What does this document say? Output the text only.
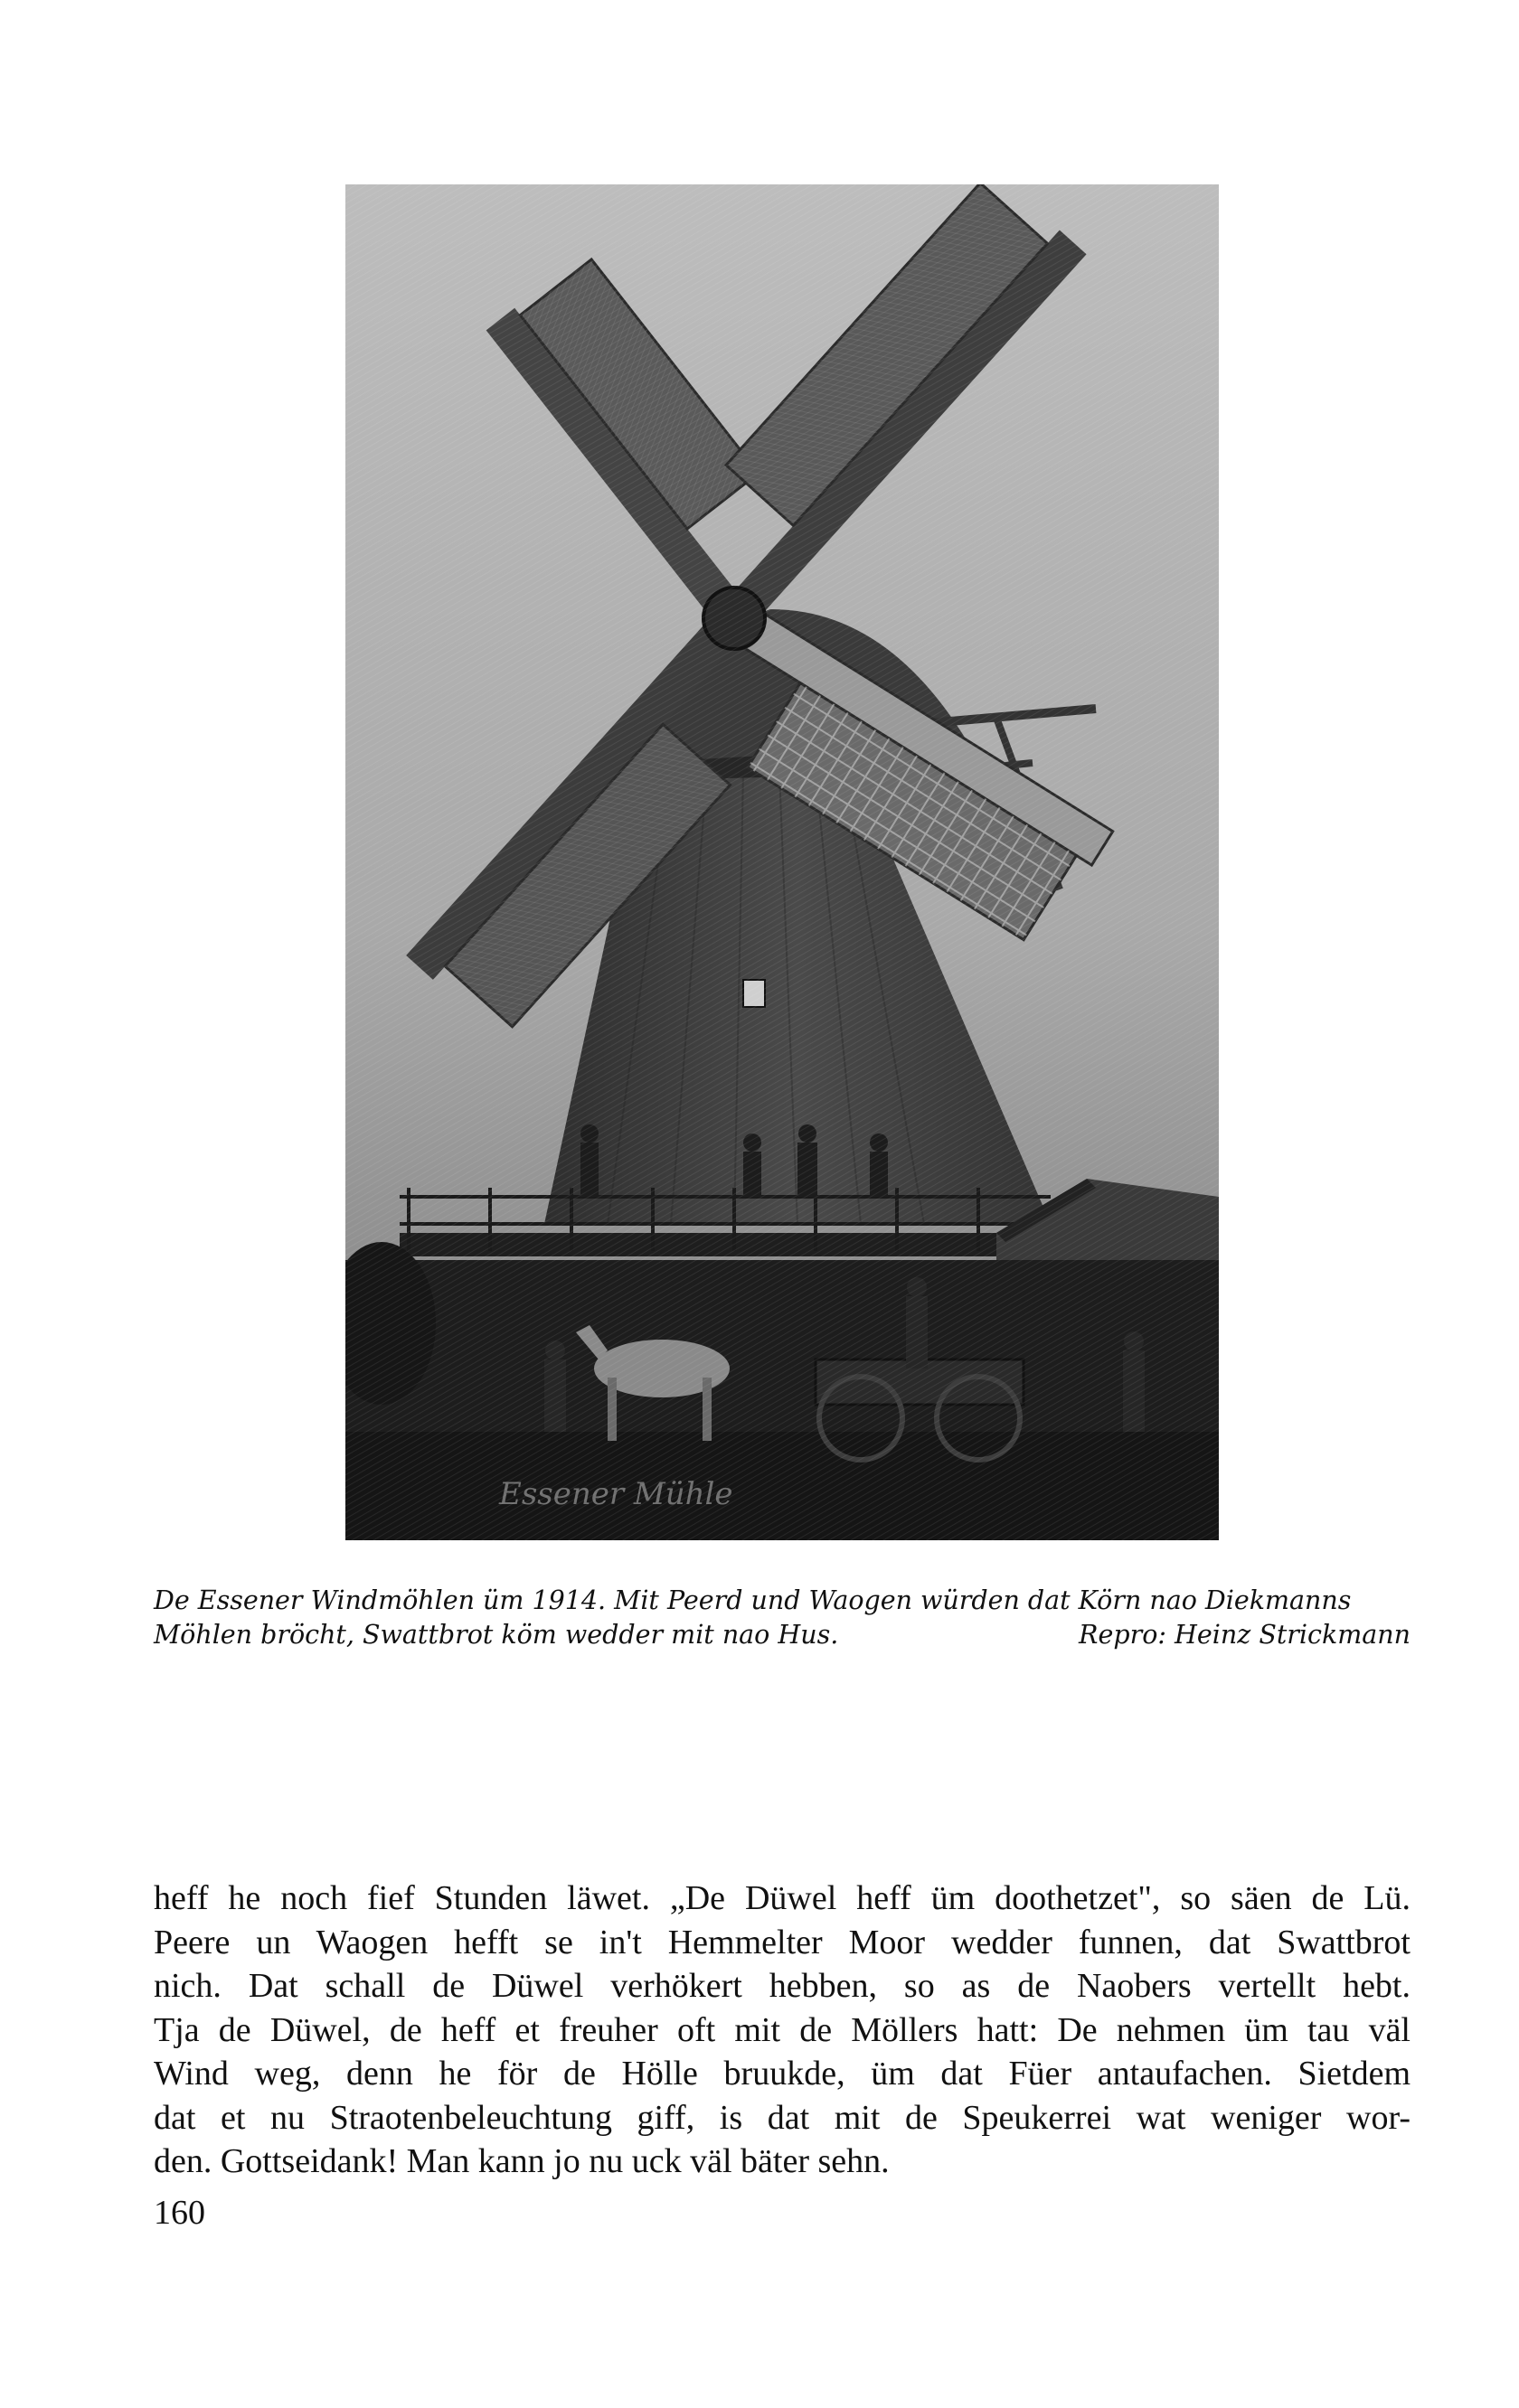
De Essener Windmöhlen üm 1914. Mit Peerd und Waogen würden dat Körn nao Diekmanns
Möhlen bröcht, Swattbrot köm wedder mit nao Hus.	Repro: Heinz Strickmann
heff he noch fief Stunden läwet. „De Düwel heff üm doothetzet", so säen de Lü.
Peere un Waogen hefft se in't Hemmelter Moor wedder funnen, dat Swattbrot
nich. Dat schall de Düwel verhökert hebben, so as de Naobers vertellt hebt.
Tja de Düwel, de heff et freuher oft mit de Möllers hatt: De nehmen üm tau väl
Wind weg, denn he för de Hölle bruukde, üm dat Füer antaufachen. Sietdem
dat et nu Straotenbeleuchtung giff, is dat mit de Speukerrei wat weniger wor-
den. Gottseidank! Man kann jo nu uck väl bäter sehn.
160
